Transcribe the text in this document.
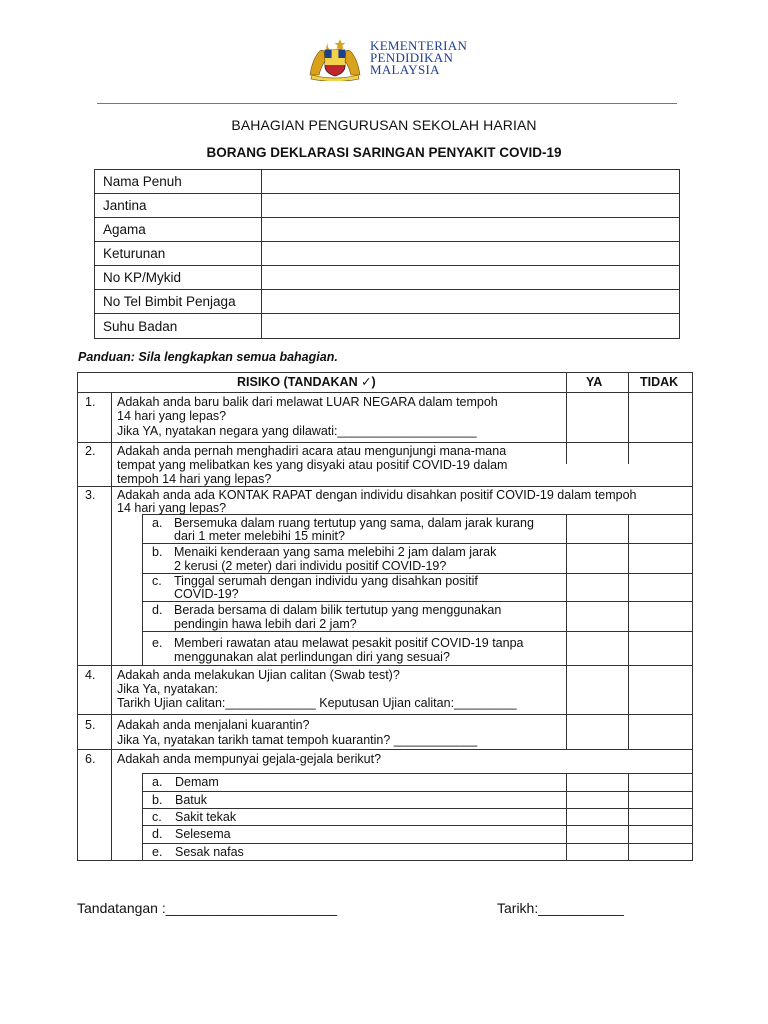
KEMENTERIAN
PENDIDIKAN
MALAYSIA
BAHAGIAN PENGURUSAN SEKOLAH HARIAN
BORANG DEKLARASI SARINGAN PENYAKIT COVID-19
Nama Penuh	
Jantina	
Agama	
Keturunan	
No KP/Mykid	
No Tel Bimbit Penjaga	
Suhu Badan	
Panduan: Sila lengkapkan semua bahagian.
RISIKO (TANDAKAN ✓)	YA	TIDAK
1. Adakah anda baru balik dari melawat LUAR NEGARA dalam tempoh
14 hari yang lepas?
Jika YA, nyatakan negara yang dilawati:____________________
2. Adakah anda pernah menghadiri acara atau mengunjungi mana-mana
tempat yang melibatkan kes yang disyaki atau positif COVID-19 dalam
tempoh 14 hari yang lepas?
3. Adakah anda ada KONTAK RAPAT dengan individu disahkan positif COVID-19 dalam tempoh
14 hari yang lepas?
a. Bersemuka dalam ruang tertutup yang sama, dalam jarak kurang
dari 1 meter melebihi 15 minit?
b. Menaiki kenderaan yang sama melebihi 2 jam dalam jarak
2 kerusi (2 meter) dari individu positif COVID-19?
c. Tinggal serumah dengan individu yang disahkan positif
COVID-19?
d. Berada bersama di dalam bilik tertutup yang menggunakan
pendingin hawa lebih dari 2 jam?
e. Memberi rawatan atau melawat pesakit positif COVID-19 tanpa
menggunakan alat perlindungan diri yang sesuai?
4. Adakah anda melakukan Ujian calitan (Swab test)?
Jika Ya, nyatakan:
Tarikh Ujian calitan:_____________ Keputusan Ujian calitan:_________
5. Adakah anda menjalani kuarantin?
Jika Ya, nyatakan tarikh tamat tempoh kuarantin? ____________
6. Adakah anda mempunyai gejala-gejala berikut?
a. Demam
b. Batuk
c. Sakit tekak
d. Selesema
e. Sesak nafas
Tandatangan :______________________	Tarikh:___________
